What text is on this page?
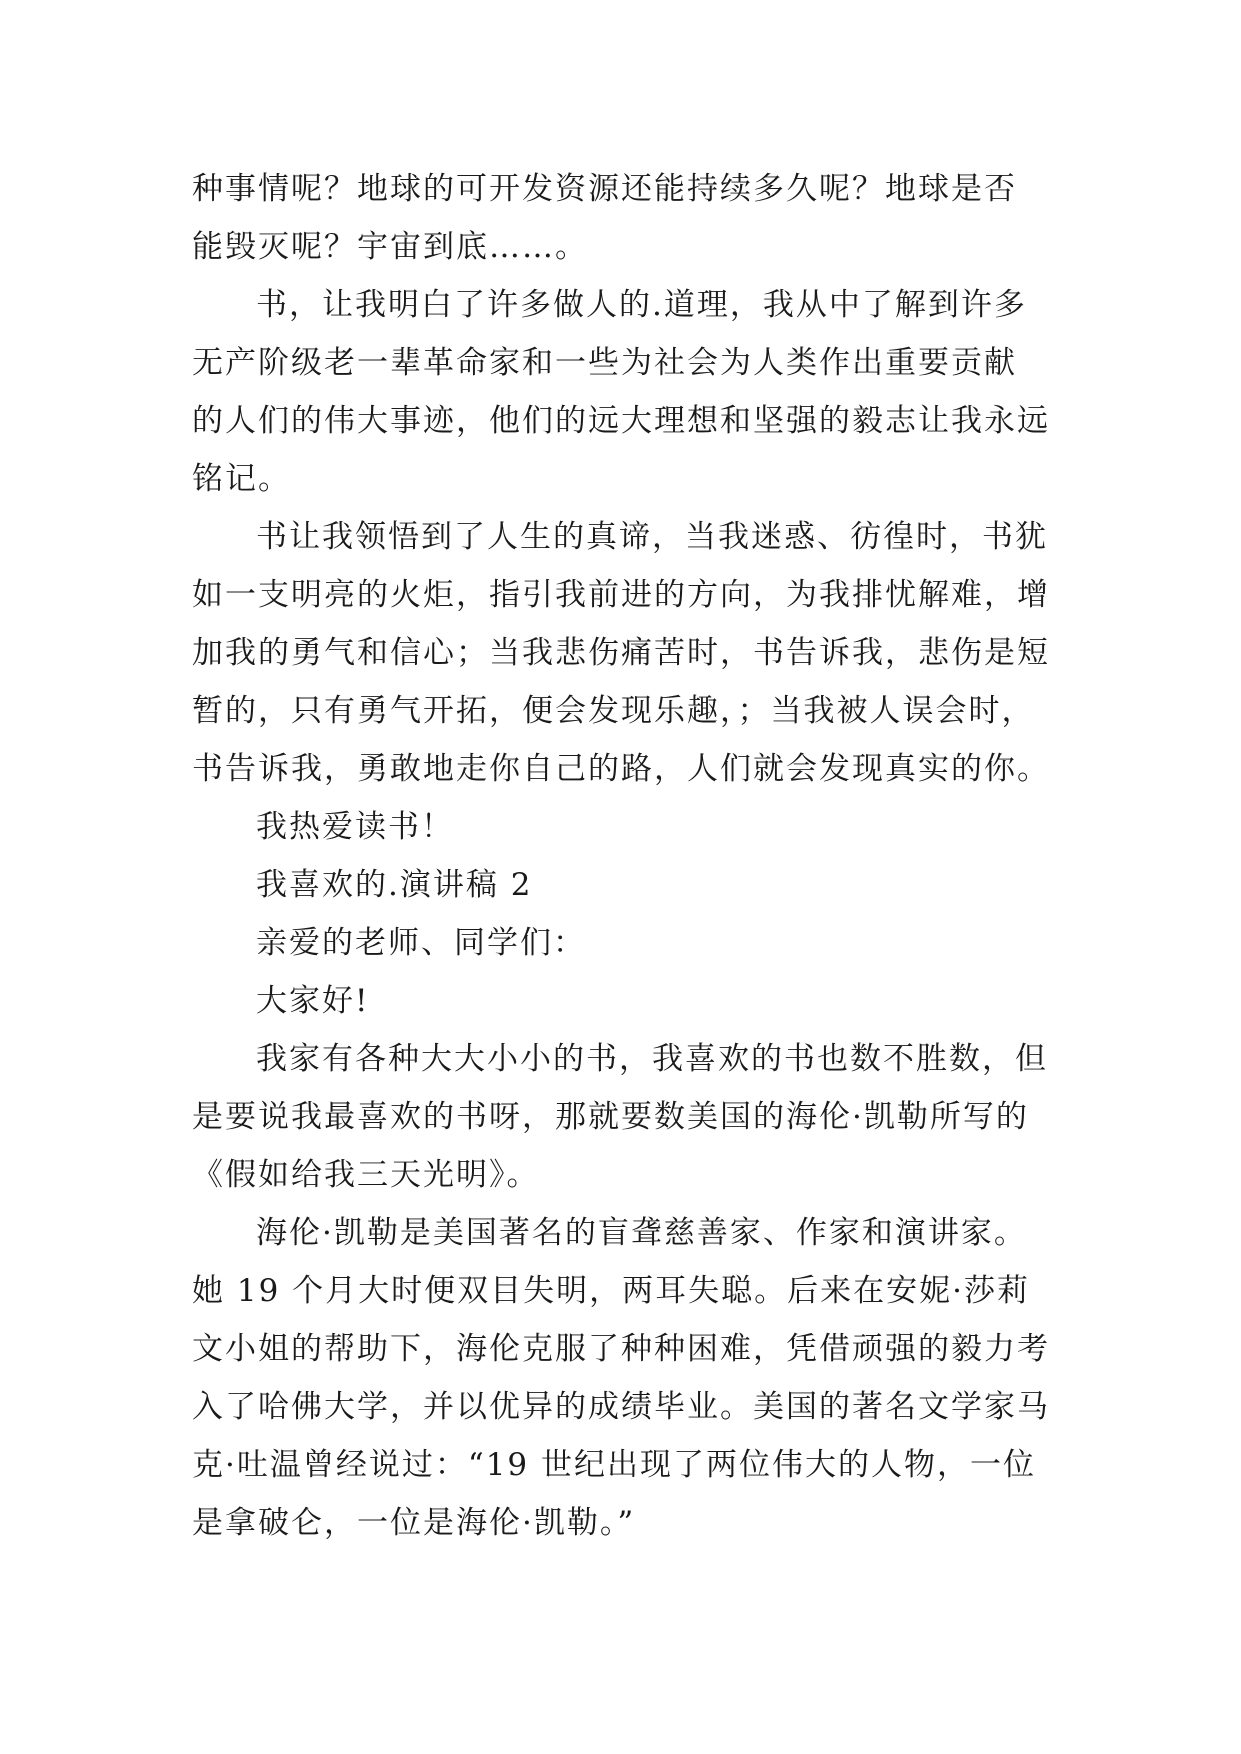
种事情呢？地球的可开发资源还能持续多久呢？地球是否
能毁灭呢？宇宙到底……。
书，让我明白了许多做人的.道理，我从中了解到许多
无产阶级老一辈革命家和一些为社会为人类作出重要贡献
的人们的伟大事迹，他们的远大理想和坚强的毅志让我永远
铭记。
书让我领悟到了人生的真谛，当我迷惑、彷徨时，书犹
如一支明亮的火炬，指引我前进的方向，为我排忧解难，增
加我的勇气和信心；当我悲伤痛苦时，书告诉我，悲伤是短
暂的，只有勇气开拓，便会发现乐趣，；当我被人误会时，
书告诉我，勇敢地走你自己的路，人们就会发现真实的你。
我热爱读书！
我喜欢的.演讲稿 2
亲爱的老师、同学们：
大家好!
我家有各种大大小小的书，我喜欢的书也数不胜数，但
是要说我最喜欢的书呀，那就要数美国的海伦·凯勒所写的
《假如给我三天光明》。
海伦·凯勒是美国著名的盲聋慈善家、作家和演讲家。
她 19 个月大时便双目失明，两耳失聪。后来在安妮·莎莉
文小姐的帮助下，海伦克服了种种困难，凭借顽强的毅力考
入了哈佛大学，并以优异的成绩毕业。美国的著名文学家马
克·吐温曾经说过：“19 世纪出现了两位伟大的人物，一位
是拿破仑，一位是海伦·凯勒。”
